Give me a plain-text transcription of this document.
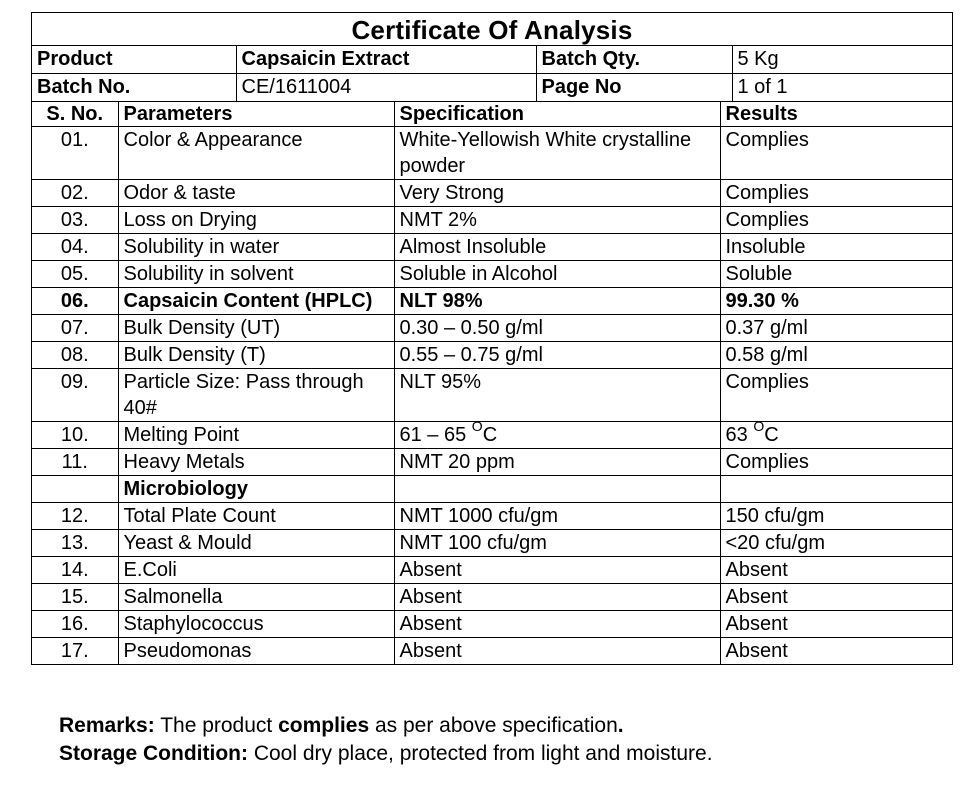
Certificate Of Analysis
Product	Capsaicin Extract	Batch Qty.	5 Kg
Batch No.	CE/1611004	Page No	1 of 1
S. No.	Parameters	Specification	Results
01.	Color & Appearance	White-Yellowish White crystalline powder	Complies
02.	Odor & taste	Very Strong	Complies
03.	Loss on Drying	NMT 2%	Complies
04.	Solubility in water	Almost Insoluble	Insoluble
05.	Solubility in solvent	Soluble in Alcohol	Soluble
06.	Capsaicin Content (HPLC)	NLT 98%	99.30 %
07.	Bulk Density (UT)	0.30 – 0.50 g/ml	0.37 g/ml
08.	Bulk Density (T)	0.55 – 0.75 g/ml	0.58 g/ml
09.	Particle Size: Pass through 40#	NLT 95%	Complies
10.	Melting Point	61 – 65 $^O$C	63 $^O$C
11.	Heavy Metals	NMT 20 ppm	Complies
	Microbiology		
12.	Total Plate Count	NMT 1000 cfu/gm	150 cfu/gm
13.	Yeast & Mould	NMT 100 cfu/gm	<20 cfu/gm
14.	E.Coli	Absent	Absent
15.	Salmonella	Absent	Absent
16.	Staphylococcus	Absent	Absent
17.	Pseudomonas	Absent	Absent
Remarks: The product complies as per above specification.
Storage Condition: Cool dry place, protected from light and moisture.
